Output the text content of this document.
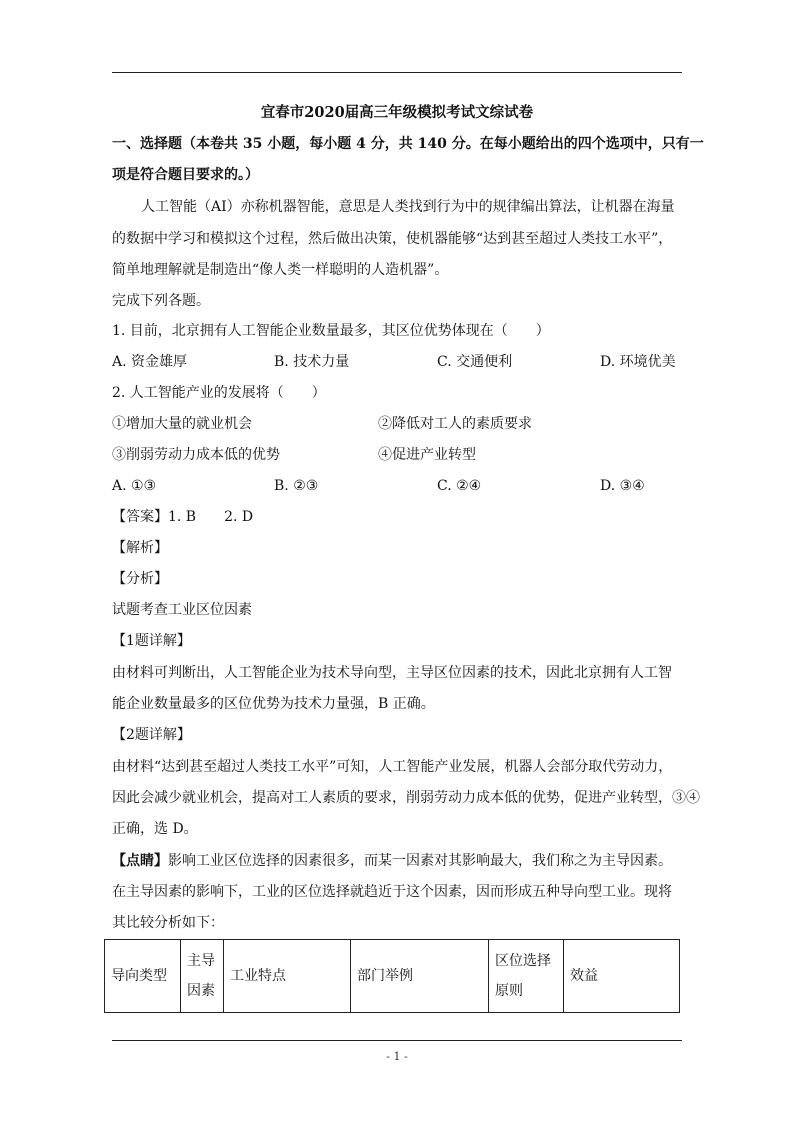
宜春市2020届高三年级模拟考试文综试卷
一、选择题（本卷共 35 小题，每小题 4 分，共 140 分。在每小题给出的四个选项中，只有一
项是符合题目要求的。）
人工智能（AI）亦称机器智能，意思是人类找到行为中的规律编出算法，让机器在海量
的数据中学习和模拟这个过程，然后做出决策，使机器能够“达到甚至超过人类技工水平”，
简单地理解就是制造出“像人类一样聪明的人造机器”。
完成下列各题。
1. 目前，北京拥有人工智能企业数量最多，其区位优势体现在（　　）
A. 资金雄厚	B. 技术力量	C. 交通便利	D. 环境优美
2. 人工智能产业的发展将（　　）
①增加大量的就业机会	②降低对工人的素质要求
③削弱劳动力成本低的优势	④促进产业转型
A. ①③	B. ②③	C. ②④	D. ③④
【答案】1. B　　2. D
【解析】
【分析】
试题考查工业区位因素
【1题详解】
由材料可判断出，人工智能企业为技术导向型，主导区位因素的技术，因此北京拥有人工智
能企业数量最多的区位优势为技术力量强，B 正确。
【2题详解】
由材料“达到甚至超过人类技工水平”可知，人工智能产业发展，机器人会部分取代劳动力，
因此会减少就业机会，提高对工人素质的要求，削弱劳动力成本低的优势，促进产业转型，③④
正确，选 D。
【点睛】影响工业区位选择的因素很多，而某一因素对其影响最大，我们称之为主导因素。
在主导因素的影响下，工业的区位选择就趋近于这个因素，因而形成五种导向型工业。现将
其比较分析如下：
导向类型	主导因素	工业特点	部门举例	区位选择原则	效益
- 1 -
